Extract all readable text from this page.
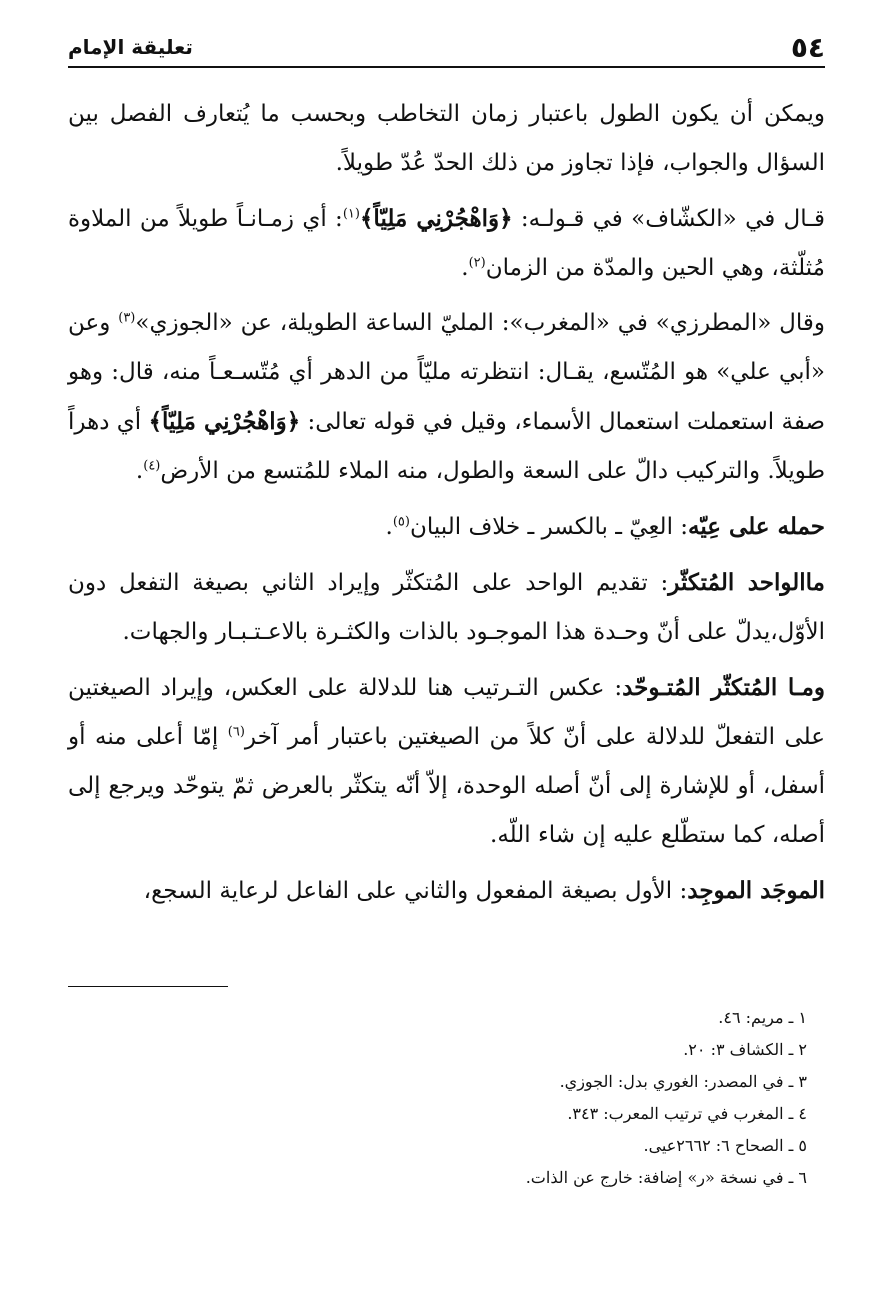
٥٤
تعليقة الإمام

ويمكن أن يكون الطول باعتبار زمان التخاطب وبحسب ما يُتعارف الفصل بين السؤال والجواب، فإذا تجاوز من ذلك الحدّ عُدّ طويلاً.

قـال في «الكشّاف» في قـولـه: ﴿وَاهْجُرْنِي مَلِيّاً﴾$^{(١)}$: أي زمـانـاً طويلاً من الملاوة مُثلّثة، وهي الحين والمدّة من الزمان$^{(٢)}$.

وقال «المطرزي» في «المغرب»: المليّ الساعة الطويلة، عن «الجوزي»$^{(٣)}$ وعن «أبي علي» هو المُتّسع، يقـال: انتظرته مليّاً من الدهر أي مُتّسـعـاً منه، قال: وهو صفة استعملت استعمال الأسماء، وقيل في قوله تعالى: ﴿وَاهْجُرْنِي مَلِيّاً﴾ أي دهراً طويلاً. والتركيب دالّ على السعة والطول، منه الملاء للمُتسع من الأرض$^{(٤)}$.

حمله على عِيّه: العِيّ ـ بالكسر ـ خلاف البيان$^{(٥)}$.

ماالواحد المُتكثّر: تقديم الواحد على المُتكثّر وإيراد الثاني بصيغة التفعل دون الأوّل،يدلّ على أنّ وحـدة هذا الموجـود بالذات والكثـرة بالاعـتـبـار والجهات.

ومـا المُتكثّر المُتـوحّد: عكس التـرتيب هنا للدلالة على العكس، وإيراد الصيغتين على التفعلّ للدلالة على أنّ كلاً من الصيغتين باعتبار أمر آخر$^{(٦)}$ إمّا أعلى منه أو أسفل، أو للإشارة إلى أنّ أصله الوحدة، إلاّ أنّه يتكثّر بالعرض ثمّ يتوحّد ويرجع إلى أصله، كما ستطّلع عليه إن شاء اللّه.

الموجَد الموجِد: الأول بصيغة المفعول والثاني على الفاعل لرعاية السجع،

١ ـ مريم: ٤٦.

٢ ـ الكشاف ٣: ٢٠.

٣ ـ في المصدر: الغوري بدل: الجوزي.

٤ ـ المغرب في ترتيب المعرب: ٣٤٣.

٥ ـ الصحاح ٦: ٢٦٦٢عيى.

٦ ـ في نسخة «ر» إضافة: خارج عن الذات.
